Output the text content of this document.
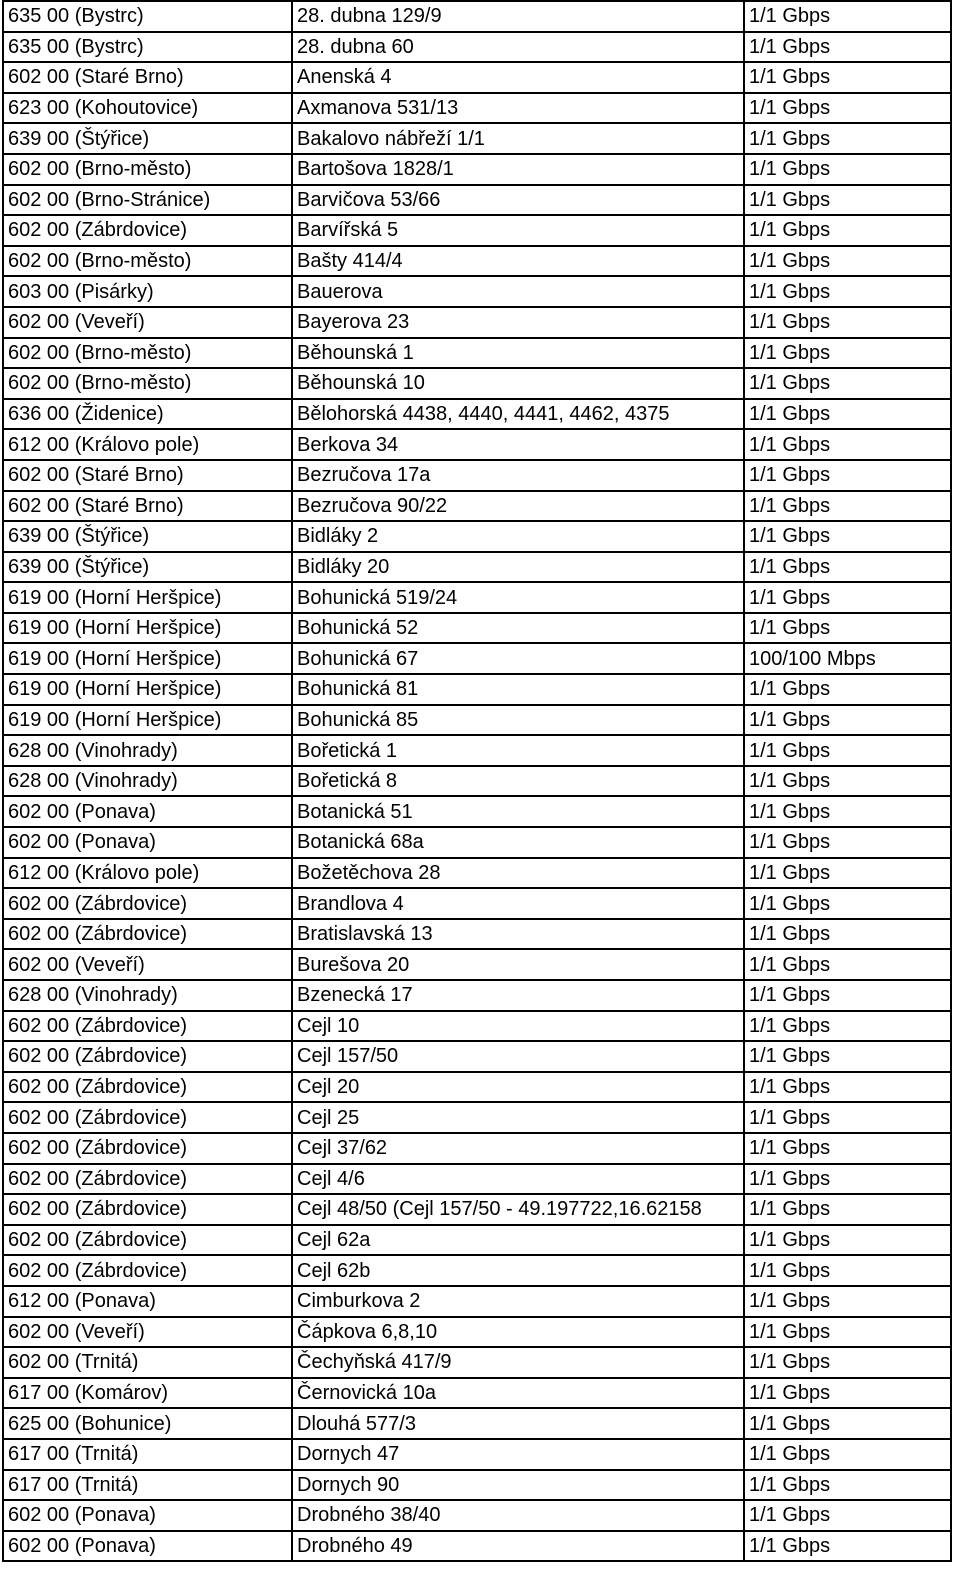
635 00 (Bystrc)	28. dubna 129/9	1/1 Gbps
635 00 (Bystrc)	28. dubna 60	1/1 Gbps
602 00 (Staré Brno)	Anenská 4	1/1 Gbps
623 00 (Kohoutovice)	Axmanova 531/13	1/1 Gbps
639 00 (Štýřice)	Bakalovo nábřeží 1/1	1/1 Gbps
602 00 (Brno-město)	Bartošova 1828/1	1/1 Gbps
602 00 (Brno-Stránice)	Barvičova 53/66	1/1 Gbps
602 00 (Zábrdovice)	Barvířská 5	1/1 Gbps
602 00 (Brno-město)	Bašty 414/4	1/1 Gbps
603 00 (Pisárky)	Bauerova	1/1 Gbps
602 00 (Veveří)	Bayerova 23	1/1 Gbps
602 00 (Brno-město)	Běhounská 1	1/1 Gbps
602 00 (Brno-město)	Běhounská 10	1/1 Gbps
636 00 (Židenice)	Bělohorská 4438, 4440, 4441, 4462, 4375	1/1 Gbps
612 00 (Královo pole)	Berkova 34	1/1 Gbps
602 00 (Staré Brno)	Bezručova 17a	1/1 Gbps
602 00 (Staré Brno)	Bezručova 90/22	1/1 Gbps
639 00 (Štýřice)	Bidláky 2	1/1 Gbps
639 00 (Štýřice)	Bidláky 20	1/1 Gbps
619 00 (Horní Heršpice)	Bohunická 519/24	1/1 Gbps
619 00 (Horní Heršpice)	Bohunická 52	1/1 Gbps
619 00 (Horní Heršpice)	Bohunická 67	100/100 Mbps
619 00 (Horní Heršpice)	Bohunická 81	1/1 Gbps
619 00 (Horní Heršpice)	Bohunická 85	1/1 Gbps
628 00 (Vinohrady)	Bořetická 1	1/1 Gbps
628 00 (Vinohrady)	Bořetická 8	1/1 Gbps
602 00 (Ponava)	Botanická 51	1/1 Gbps
602 00 (Ponava)	Botanická 68a	1/1 Gbps
612 00 (Královo pole)	Božetěchova 28	1/1 Gbps
602 00 (Zábrdovice)	Brandlova 4	1/1 Gbps
602 00 (Zábrdovice)	Bratislavská 13	1/1 Gbps
602 00 (Veveří)	Burešova 20	1/1 Gbps
628 00 (Vinohrady)	Bzenecká 17	1/1 Gbps
602 00 (Zábrdovice)	Cejl 10	1/1 Gbps
602 00 (Zábrdovice)	Cejl 157/50	1/1 Gbps
602 00 (Zábrdovice)	Cejl 20	1/1 Gbps
602 00 (Zábrdovice)	Cejl 25	1/1 Gbps
602 00 (Zábrdovice)	Cejl 37/62	1/1 Gbps
602 00 (Zábrdovice)	Cejl 4/6	1/1 Gbps
602 00 (Zábrdovice)	Cejl 48/50 (Cejl 157/50 - 49.197722,16.62158	1/1 Gbps
602 00 (Zábrdovice)	Cejl 62a	1/1 Gbps
602 00 (Zábrdovice)	Cejl 62b	1/1 Gbps
612 00 (Ponava)	Cimburkova 2	1/1 Gbps
602 00 (Veveří)	Čápkova 6,8,10	1/1 Gbps
602 00 (Trnitá)	Čechyňská 417/9	1/1 Gbps
617 00 (Komárov)	Černovická 10a	1/1 Gbps
625 00 (Bohunice)	Dlouhá 577/3	1/1 Gbps
617 00 (Trnitá)	Dornych 47	1/1 Gbps
617 00 (Trnitá)	Dornych 90	1/1 Gbps
602 00 (Ponava)	Drobného 38/40	1/1 Gbps
602 00 (Ponava)	Drobného 49	1/1 Gbps
